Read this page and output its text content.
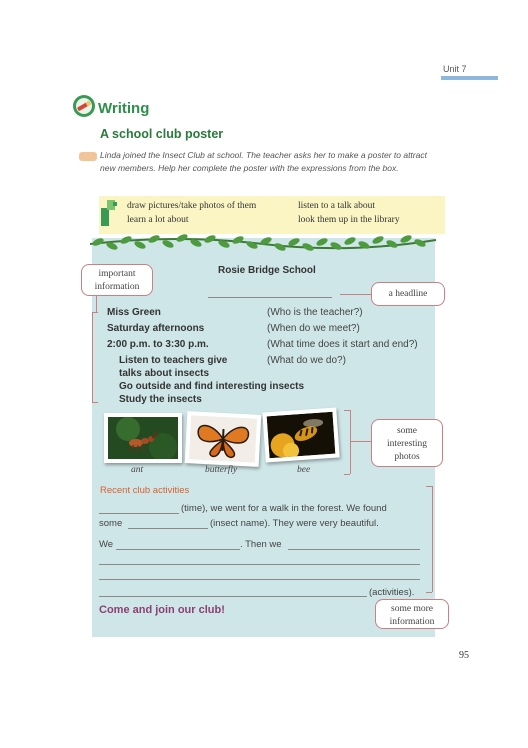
Unit 7
Writing
A school club poster
Linda joined the Insect Club at school. The teacher asks her to make a poster to attract new members. Help her complete the poster with the expressions from the box.
draw pictures/take photos of them	listen to a talk about
learn a lot about	look them up in the library
Rosie Bridge School
important information
a headline
some interesting photos
some more information
Miss Green	(Who is the teacher?)
Saturday afternoons	(When do we meet?)
2:00 p.m. to 3:30 p.m.	(What time does it start and end?)
(What do we do?)
Listen to teachers give
talks about insects
Go outside and find interesting insects
Study the insects
ant	butterfly	bee
Recent club activities
(time), we went for a walk in the forest. We found
some	(insect name). They were very beautiful.
We	. Then we
(activities).
Come and join our club!
95
